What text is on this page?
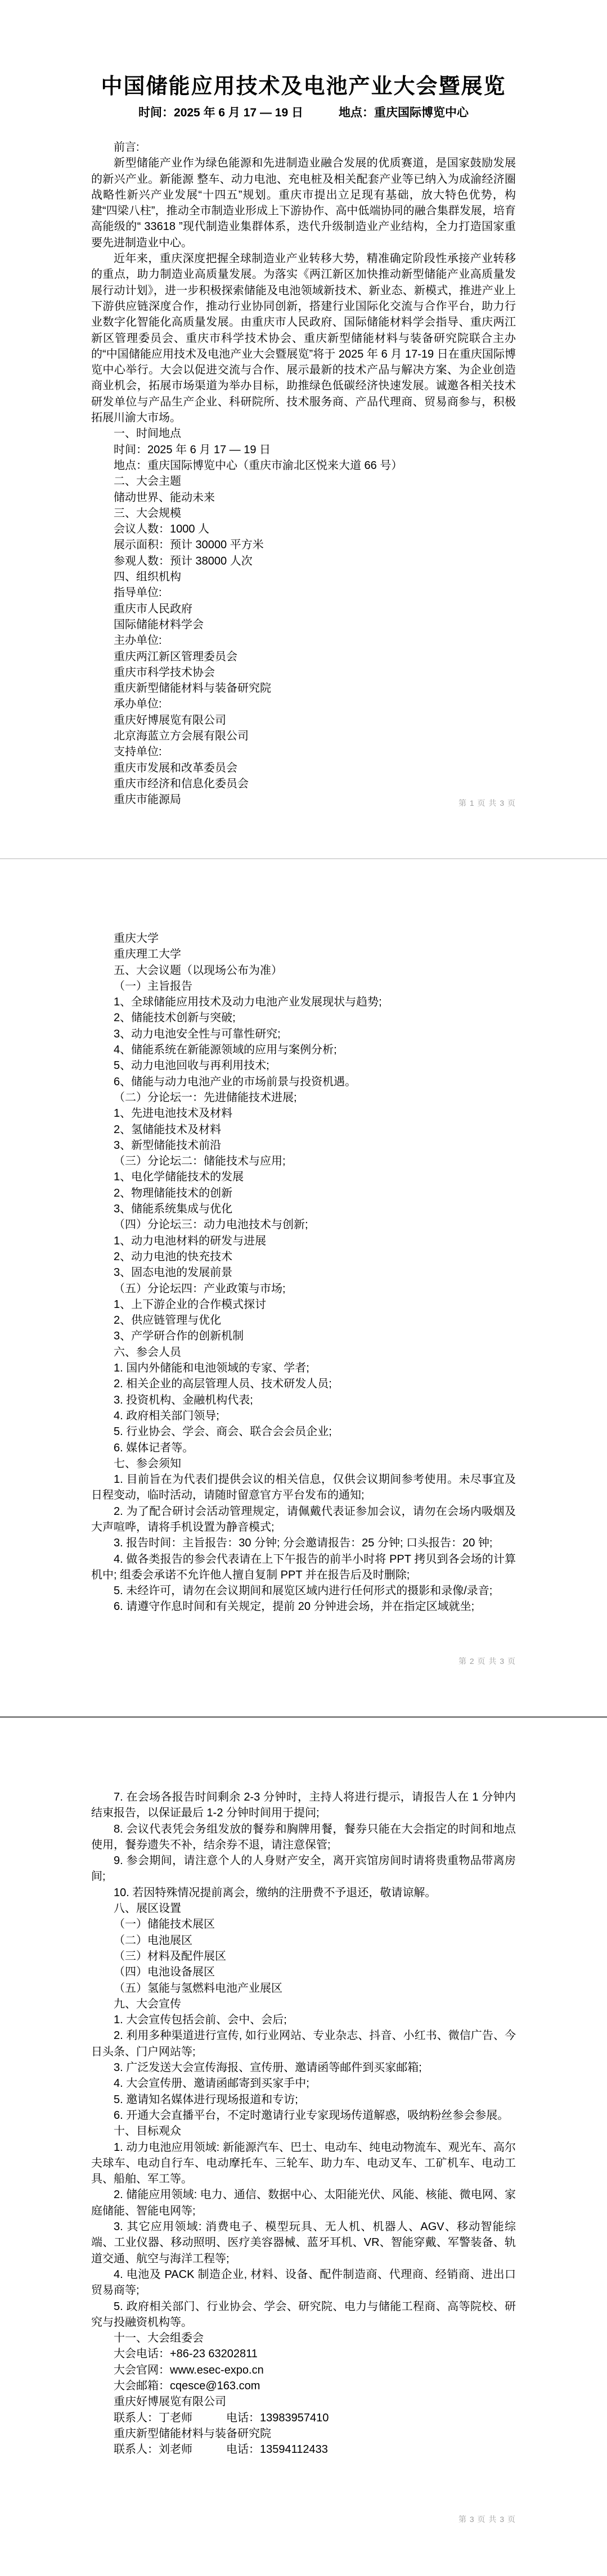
中国储能应用技术及电池产业大会暨展览
时间：2025 年 6 月 17 — 19 日　　　地点：重庆国际博览中心

前言:

新型储能产业作为绿色能源和先进制造业融合发展的优质赛道，是国家鼓励发展的新兴产业。新能源 整车、动力电池、充电桩及相关配套产业等已纳入为成渝经济圈战略性新兴产业发展“十四五”规划。重庆市提出立足现有基础，放大特色优势，构建“四梁八柱”，推动全市制造业形成上下游协作、高中低端协同的融合集群发展，培育高能级的“ 33618 ”现代制造业集群体系，迭代升级制造业产业结构，全力打造国家重要先进制造业中心。

近年来，重庆深度把握全球制造业产业转移大势，精准确定阶段性承接产业转移的重点，助力制造业高质量发展。为落实《两江新区加快推动新型储能产业高质量发展行动计划》，进一步积极探索储能及电池领域新技术、新业态、新模式，推进产业上下游供应链深度合作，推动行业协同创新，搭建行业国际化交流与合作平台，助力行业数字化智能化高质量发展。由重庆市人民政府、国际储能材料学会指导、重庆两江新区管理委员会、重庆市科学技术协会、重庆新型储能材料与装备研究院联合主办的“中国储能应用技术及电池产业大会暨展览”将于 2025 年 6 月 17-19 日在重庆国际博览中心举行。大会以促进交流与合作、展示最新的技术产品与解决方案、为企业创造商业机会，拓展市场渠道为举办目标，助推绿色低碳经济快速发展。诚邀各相关技术研发单位与产品生产企业、科研院所、技术服务商、产品代理商、贸易商参与，积极拓展川渝大市场。

一、时间地点

时间：2025 年 6 月 17 — 19 日

地点：重庆国际博览中心（重庆市渝北区悦来大道 66 号）

二、大会主题

储动世界、能动未来

三、大会规模

会议人数：1000 人

展示面积：预计 30000 平方米

参观人数：预计 38000 人次

四、组织机构

指导单位:

重庆市人民政府

国际储能材料学会

主办单位:

重庆两江新区管理委员会

重庆市科学技术协会

重庆新型储能材料与装备研究院

承办单位:

重庆好博展览有限公司

北京海蓝立方会展有限公司

支持单位:

重庆市发展和改革委员会

重庆市经济和信息化委员会

重庆市能源局	第 1 页 共 3 页

重庆大学

重庆理工大学

五、大会议题（以现场公布为准）

（一）主旨报告

1、全球储能应用技术及动力电池产业发展现状与趋势;

2、储能技术创新与突破;

3、动力电池安全性与可靠性研究;

4、储能系统在新能源领域的应用与案例分析;

5、动力电池回收与再利用技术;

6、储能与动力电池产业的市场前景与投资机遇。

（二）分论坛一：先进储能技术进展;

1、先进电池技术及材料

2、氢储能技术及材料

3、新型储能技术前沿

（三）分论坛二：储能技术与应用;

1、电化学储能技术的发展

2、物理储能技术的创新

3、储能系统集成与优化

（四）分论坛三：动力电池技术与创新;

1、动力电池材料的研发与进展

2、动力电池的快充技术

3、固态电池的发展前景

（五）分论坛四：产业政策与市场;

1、上下游企业的合作模式探讨

2、供应链管理与优化

3、产学研合作的创新机制

六、参会人员

1. 国内外储能和电池领域的专家、学者;

2. 相关企业的高层管理人员、技术研发人员;

3. 投资机构、金融机构代表;

4. 政府相关部门领导;

5. 行业协会、学会、商会、联合会会员企业;

6. 媒体记者等。

七、参会须知

1. 目前旨在为代表们提供会议的相关信息，仅供会议期间参考使用。未尽事宜及日程变动，临时活动，请随时留意官方平台发布的通知;

2. 为了配合研讨会活动管理规定，请佩戴代表证参加会议，请勿在会场内吸烟及大声喧哗，请将手机设置为静音模式;

3. 报告时间：主旨报告：30 分钟; 分会邀请报告：25 分钟; 口头报告：20 钟;

4. 做各类报告的参会代表请在上下午报告的前半小时将 PPT 拷贝到各会场的计算机中; 组委会承诺不允许他人擅自复制 PPT 并在报告后及时删除;

5. 未经许可，请勿在会议期间和展览区域内进行任何形式的摄影和录像/录音;

6. 请遵守作息时间和有关规定，提前 20 分钟进会场，并在指定区域就坐;

第 2 页 共 3 页

7. 在会场各报告时间剩余 2-3 分钟时，主持人将进行提示，请报告人在 1 分钟内结束报告，以保证最后 1-2 分钟时间用于提问;

8. 会议代表凭会务组发放的餐券和胸牌用餐，餐券只能在大会指定的时间和地点使用，餐券遗失不补，结余券不退，请注意保管;

9. 参会期间，请注意个人的人身财产安全，离开宾馆房间时请将贵重物品带离房间;

10. 若因特殊情况提前离会，缴纳的注册费不予退还，敬请谅解。

八、展区设置

（一）储能技术展区

（二）电池展区

（三）材料及配件展区

（四）电池设备展区

（五）氢能与氢燃料电池产业展区

九、大会宣传

1. 大会宣传包括会前、会中、会后;

2. 利用多种渠道进行宣传, 如行业网站、专业杂志、抖音、小红书、微信广告、今日头条、门户网站等;

3. 广泛发送大会宣传海报、宣传册、邀请函等邮件到买家邮箱;

4. 大会宣传册、邀请函邮寄到买家手中;

5. 邀请知名媒体进行现场报道和专访;

6. 开通大会直播平台，不定时邀请行业专家现场传道解惑，吸纳粉丝参会参展。

十、目标观众

1. 动力电池应用领域: 新能源汽车、巴士、电动车、纯电动物流车、观光车、高尔夫球车、电动自行车、电动摩托车、三轮车、助力车、电动叉车、工矿机车、电动工具、船舶、军工等。

2. 储能应用领域: 电力、通信、数据中心、太阳能光伏、风能、核能、微电网、家庭储能、智能电网等;

3. 其它应用领域: 消费电子、模型玩具、无人机、机器人、AGV、移动智能综端、工业仪器、移动照明、医疗美容器械、蓝牙耳机、VR、智能穿戴、军警装备、轨道交通、航空与海洋工程等;

4. 电池及 PACK 制造企业, 材料、设备、配件制造商、代理商、经销商、进出口贸易商等;

5. 政府相关部门、行业协会、学会、研究院、电力与储能工程商、高等院校、研究与投融资机构等。

十一、大会组委会

大会电话：+86-23 63202811

大会官网：www.esec-expo.cn

大会邮箱：cqesce@163.com

重庆好博展览有限公司

联系人：丁老师　　　电话：13983957410

重庆新型储能材料与装备研究院

联系人：刘老师　　　电话：13594112433

第 3 页 共 3 页
